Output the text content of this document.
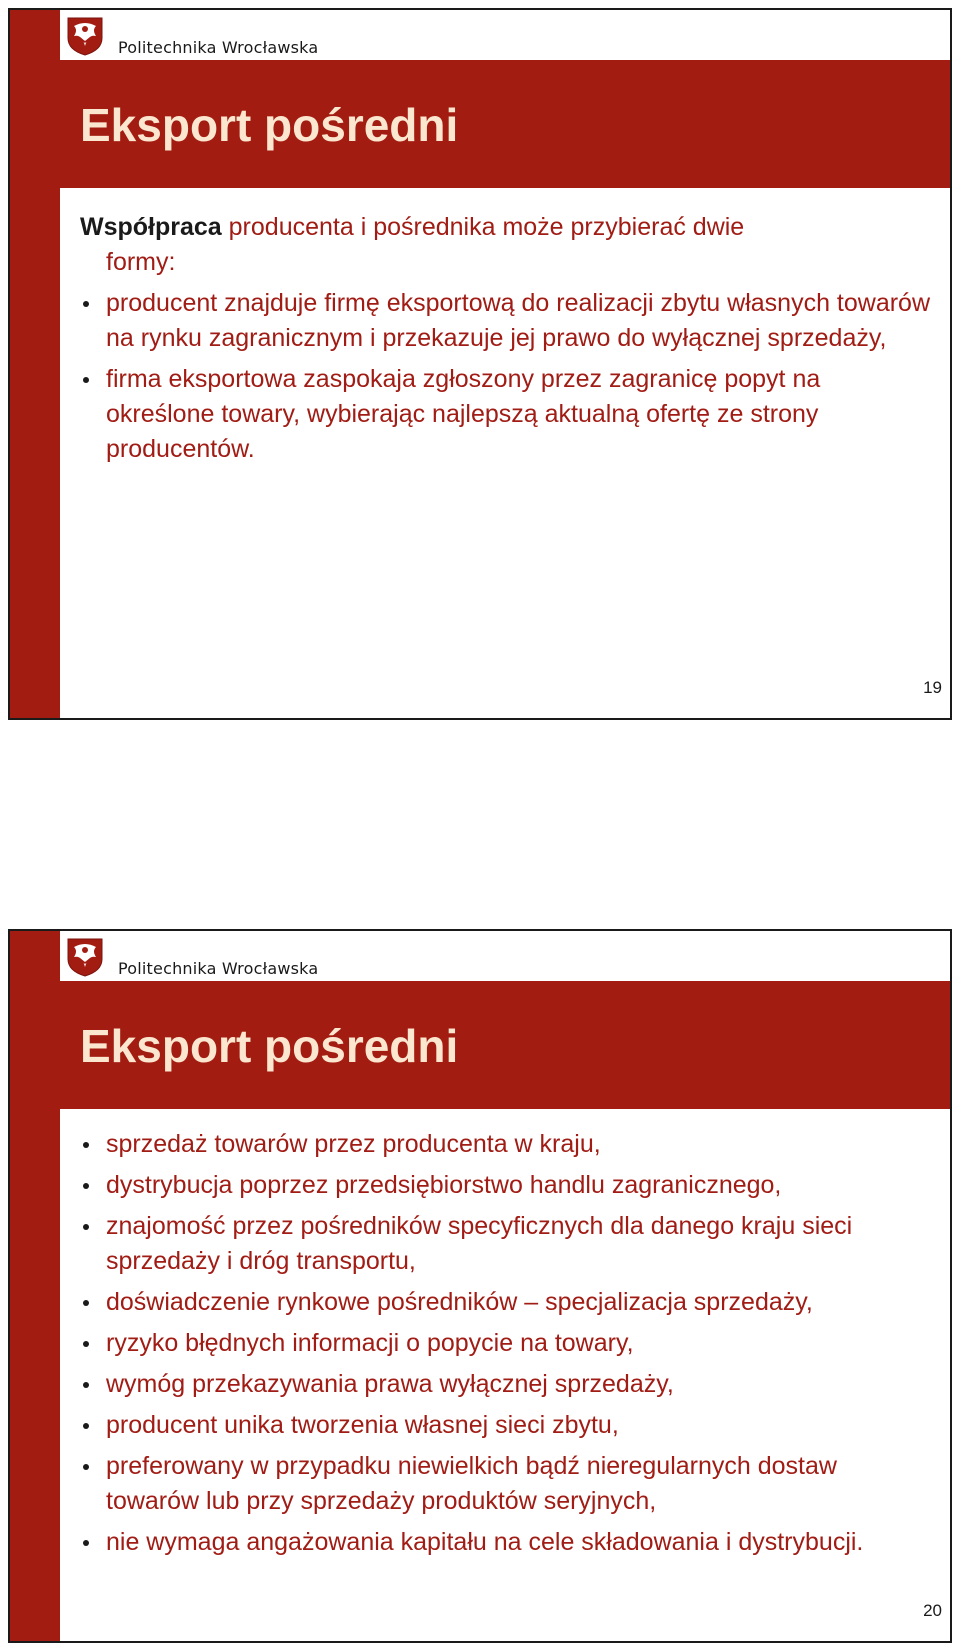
Politechnika Wrocławska
Eksport pośredni

Współpraca producenta i pośrednika może przybierać dwie
formy:

producent znajduje firmę eksportową do realizacji zbytu własnych towarów na rynku zagranicznym i przekazuje jej prawo do wyłącznej sprzedaży,
firma eksportowa zaspokaja zgłoszony przez zagranicę popyt na określone towary, wybierając najlepszą aktualną ofertę ze strony producentów.
19
Politechnika Wrocławska
Eksport pośredni
sprzedaż towarów przez producenta w kraju,
dystrybucja poprzez przedsiębiorstwo handlu zagranicznego,
znajomość przez pośredników specyficznych dla danego kraju sieci sprzedaży i dróg transportu,
doświadczenie rynkowe pośredników – specjalizacja sprzedaży,
ryzyko błędnych informacji o popycie na towary,
wymóg przekazywania prawa wyłącznej sprzedaży,
producent unika tworzenia własnej sieci zbytu,
preferowany w przypadku niewielkich bądź nieregularnych dostaw towarów lub przy sprzedaży produktów seryjnych,
nie wymaga angażowania kapitału na cele składowania i dystrybucji.
20
